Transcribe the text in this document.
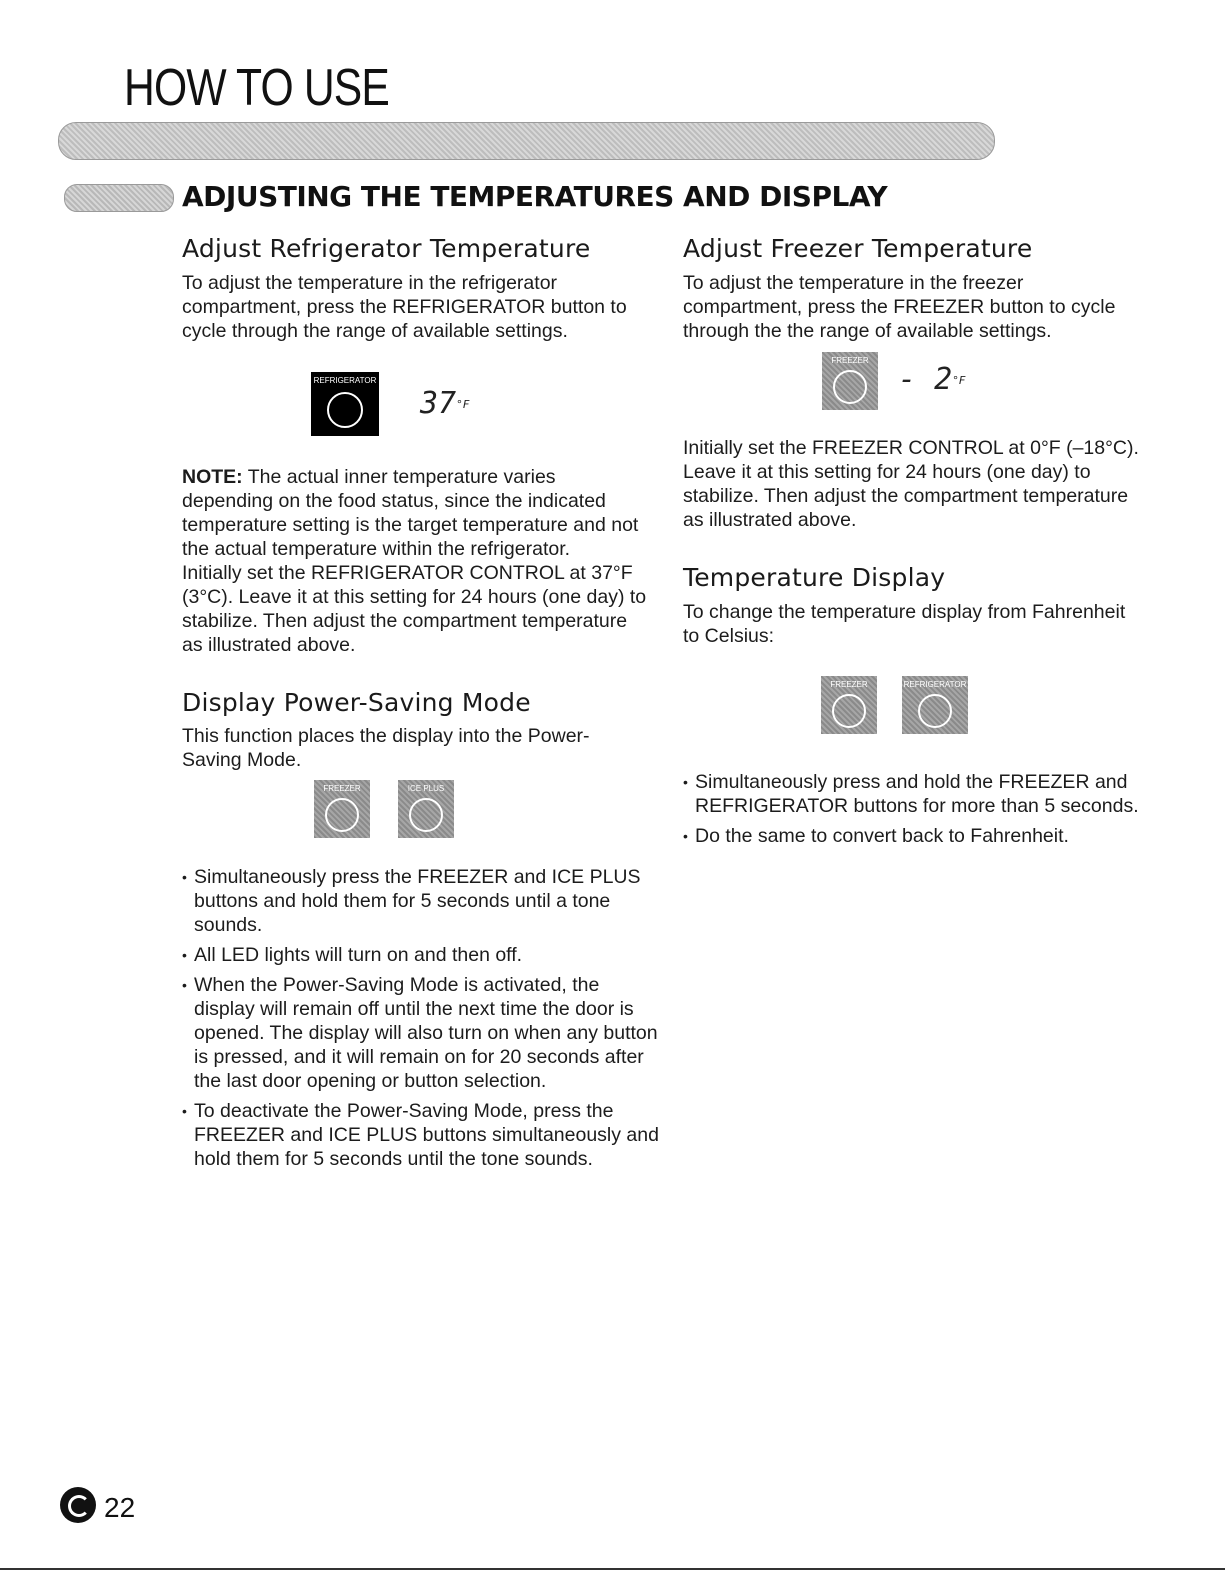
HOW TO USE
ADJUSTING THE TEMPERATURES AND DISPLAY
Adjust Refrigerator Temperature
To adjust the temperature in the refrigerator
compartment, press the REFRIGERATOR button to
cycle through the range of available settings.
REFRIGERATOR
37°F
NOTE: The actual inner temperature varies
depending on the food status, since the indicated
temperature setting is the target temperature and not
the actual temperature within the refrigerator.
Initially set the REFRIGERATOR CONTROL at 37°F
(3°C). Leave it at this setting for 24 hours (one day) to
stabilize. Then adjust the compartment temperature
as illustrated above.
Display Power-Saving Mode
This function places the display into the Power-
Saving Mode.
FREEZER	ICE PLUS
• Simultaneously press the FREEZER and ICE PLUS buttons and hold them for 5 seconds until a tone sounds.
• All LED lights will turn on and then off.
• When the Power-Saving Mode is activated, the display will remain off until the next time the door is opened. The display will also turn on when any button is pressed, and it will remain on for 20 seconds after the last door opening or button selection.
• To deactivate the Power-Saving Mode, press the FREEZER and ICE PLUS buttons simultaneously and hold them for 5 seconds until the tone sounds.
Adjust Freezer Temperature
To adjust the temperature in the freezer
compartment, press the FREEZER button to cycle
through the the range of available settings.
FREEZER
- 2°F
Initially set the FREEZER CONTROL at 0°F (–18°C).
Leave it at this setting for 24 hours (one day) to
stabilize. Then adjust the compartment temperature
as illustrated above.
Temperature Display
To change the temperature display from Fahrenheit
to Celsius:
FREEZER	REFRIGERATOR
• Simultaneously press and hold the FREEZER and REFRIGERATOR buttons for more than 5 seconds.
• Do the same to convert back to Fahrenheit.
22
